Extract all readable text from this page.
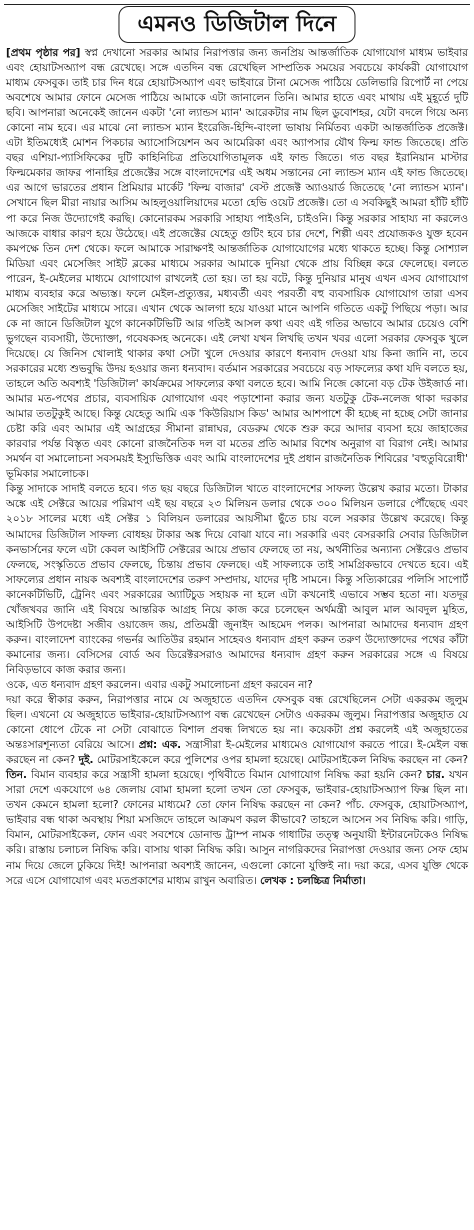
এমনও ডিজিটাল দিনে

[প্রথম পৃষ্ঠার পর] স্বপ্ন দেখানো সরকার আমার নিরাপত্তার জন্য জনপ্রিয় আন্তর্জাতিক যোগাযোগ মাধ্যম ভাইবার এবং হোয়াটসঅ্যাপ বন্ধ রেখেছে। সঙ্গে এতদিন বন্ধ রেখেছিল সাম্প্রতিক সময়ের সবচেয়ে কার্যকরী যোগাযোগ মাধ্যম ফেসবুক। তাই চার দিন ধরে হোয়াটসঅ্যাপ এবং ভাইবারে টানা মেসেজ পাঠিয়ে ডেলিভারি রিপোর্ট না পেয়ে অবশেষে আমার ফোনে মেসেজ পাঠিয়ে আমাকে এটা জানালেন তিনি। আমার হাতে এবং মাথায় এই মুহূর্তে দুটি ছবি। আপনারা অনেকেই জানেন একটা 'নো ল্যান্ডস ম্যান' আরেকটার নাম ছিল ডুবোশহর, যেটা বদলে গিয়ে অন্য কোনো নাম হবে। এর মাঝে নো ল্যান্ডস ম্যান ইংরেজি-হিন্দি-বাংলা ভাষায় নির্মিতব্য একটা আন্তর্জাতিক প্রজেক্ট। এটা ইতিমধ্যেই মোশন পিকচার অ্যাসোসিয়েশন অব আমেরিকা এবং অ্যাপসার যৌথ ফিল্ম ফান্ড জিতেছে। প্রতি বছর এশিয়া-প্যাসিফিকের দুটি কাহিনিচিত্র প্রতিযোগিতামূলক এই ফান্ড জিতে। গত বছর ইরানিয়ান মাস্টার ফিল্মমেকার জাফর পানাহির প্রজেক্টের সঙ্গে বাংলাদেশের এই অধম সন্তানের নো ল্যান্ডস ম্যান এই ফান্ড জিতেছে। এর আগে ভারতের প্রধান প্রিমিয়ার মার্কেট 'ফিল্ম বাজার' বেস্ট প্রজেক্ট অ্যাওয়ার্ড জিতেছে 'নো ল্যান্ডস ম্যান'। সেখানে ছিল মীরা নায়ার আসিম আহলুওয়ালিয়াদের মতো হেভি ওয়েট প্রজেক্ট। তো এ সবকিছুই আমরা হাঁটি হাঁটি পা করে নিজ উদ্যোগেই করছি। কোনোরকম সরকারি সাহায্য পাইওনি, চাইওনি। কিন্তু সরকার সাহায্য না করলেও আজকে বাধার কারণ হয়ে উঠেছে। এই প্রজেক্টের যেহেতু গুটিং হবে চার দেশে, শিল্পী এবং প্রযোজকও যুক্ত হবেন কমপক্ষে তিন দেশ থেকে। ফলে আমাকে সারাক্ষণই আন্তর্জাতিক যোগাযোগের মধ্যে থাকতে হচ্ছে। কিন্তু সোশ্যাল মিডিয়া এবং মেসেজিং সাইট ব্লকের মাধ্যমে সরকার আমাকে দুনিয়া থেকে প্রায় বিচ্ছিন্ন করে ফেলেছে। বলতে পারেন, ই-মেইলের মাধ্যমে যোগাযোগ রাখলেই তো হয়। তা হয় বটে, কিন্তু দুনিয়ার মানুষ এখন এসব যোগাযোগ মাধ্যম ব্যবহার করে অভ্যস্ত। ফলে মেইল-প্রত্যুত্তর, মধ্যবর্তী এবং পরবর্তী বহু ব্যবসায়িক যোগাযোগ তারা এসব মেসেজিং সাইটের মাধ্যমে সারে। এখান থেকে আলগা হয়ে যাওয়া মানে আপনি গতিতে একটু পিছিয়ে পড়া। আর কে না জানে ডিজিটাল যুগে কানেকটিভিটি আর গতিই আসল কথা এবং এই গতির অভাবে আমার চেয়েও বেশি ভুগছেন ব্যবসায়ী, উদ্যোক্তা, গবেষকসহ অনেকে। এই লেখা যখন লিখছি তখন খবর এলো সরকার ফেসবুক খুলে দিয়েছে। যে জিনিস খোলাই থাকার কথা সেটা খুলে দেওয়ার কারণে ধন্যবাদ দেওয়া যায় কিনা জানি না, তবে সরকারের মধ্যে শুভবুদ্ধি উদয় হওয়ার জন্য ধন্যবাদ। বর্তমান সরকারের সবচেয়ে বড় সাফল্যের কথা যদি বলতে হয়, তাহলে অতি অবশ্যই 'ডিজিটাল' কার্যক্রমের সাফল্যের কথা বলতে হবে। আমি নিজে কোনো বড় টেক উইজার্ড না। আমার মত-পথের প্রচার, ব্যবসায়িক যোগাযোগ এবং পড়াশোনা করার জন্য যতটুকু টেক-নলেজ থাকা দরকার আমার ততটুকুই আছে। কিন্তু যেহেতু আমি এক 'কিউরিয়াস কিড' আমার আশপাশে কী হচ্ছে না হচ্ছে সেটা জানার চেষ্টা করি এবং আমার এই আগ্রহের সীমানা রান্নাঘর, বেডরুম থেকে শুরু করে আদার ব্যবসা হয়ে জাহাজের কারবার পর্যন্ত বিস্তৃত এবং কোনো রাজনৈতিক দল বা মতের প্রতি আমার বিশেষ অনুরাগ বা বিরাগ নেই। আমার সমর্থন বা সমালোচনা সবসময়ই ইস্যুভিত্তিক এবং আমি বাংলাদেশের দুই প্রধান রাজনৈতিক শিবিরের 'বহুতুবিরোধী' ভূমিকার সমালোচক।

কিন্তু সাদাকে সাদাই বলতে হবে। গত ছয় বছরে ডিজিটাল খাতে বাংলাদেশের সাফল্য উল্লেখ করার মতো। টাকার অঙ্কে এই সেক্টরে আয়ের পরিমাণ এই ছয় বছরে ২৩ মিলিয়ন ডলার থেকে ৩০০ মিলিয়ন ডলারে পৌঁছেছে এবং ২০১৮ সালের মধ্যে এই সেক্টর ১ বিলিয়ন ডলারের আয়সীমা ছুঁতে চায় বলে সরকার উল্লেখ করেছে। কিন্তু আমাদের ডিজিটাল সাফল্য বোধহয় টাকার অঙ্ক দিয়ে বোঝা যাবে না। সরকারি এবং বেসরকারি সেবার ডিজিটাল কনভার্সনের ফলে এটা কেবল আইসিটি সেক্টরের আয়ে প্রভাব ফেলছে তা নয়, অর্থনীতির অন্যান্য সেক্টরেও প্রভাব ফেলছে, সংস্কৃতিতে প্রভাব ফেলছে, চিন্তায় প্রভাব ফেলছে। এই সাফল্যকে তাই সামগ্রিকভাবে দেখতে হবে। এই সাফল্যের প্রধান নায়ক অবশ্যই বাংলাদেশের তরুণ সম্প্রদায়, যাদের দৃষ্টি সামনে। কিন্তু সত্যিকারের পলিসি সাপোর্ট কানেকটিভিটি, ট্রেনিং এবং সরকারের অ্যাটিচুড সহায়ক না হলে এটা কখনোই এভাবে সম্ভব হতো না। যতদূর খোঁজখবর জানি এই বিষয়ে আন্তরিক আগ্রহ নিয়ে কাজ করে চলেছেন অর্থমন্ত্রী আবুল মাল আবদুল মুহিত, আইসিটি উপদেষ্টা সজীব ওয়াজেদ জয়, প্রতিমন্ত্রী জুনাইদ আহমেদ পলক। আপনারা আমাদের ধন্যবাদ গ্রহণ করুন। বাংলাদেশ ব্যাংকের গভর্নর আতিউর রহমান সাহেবও ধন্যবাদ গ্রহণ করুন তরুণ উদ্যোক্তাদের পথের কাঁটা কমানোর জন্য। বেসিসের বোর্ড অব ডিরেক্টরসরাও আমাদের ধন্যবাদ গ্রহণ করুন সরকারের সঙ্গে এ বিষয়ে নিবিড়ভাবে কাজ করার জন্য।

ওকে, এত ধন্যবাদ গ্রহণ করলেন। এবার একটু সমালোচনা গ্রহণ করবেন না?

দয়া করে স্বীকার করুন, নিরাপত্তার নামে যে অজুহাতে এতদিন ফেসবুক বন্ধ রেখেছিলেন সেটা একরকম জুলুম ছিল। এখনো যে অজুহাতে ভাইবার-হোয়াটসঅ্যাপ বন্ধ রেখেছেন সেটাও একরকম জুলুম। নিরাপত্তার অজুহাত যে কোনো ধোপে টেকে না সেটা বোঝাতে বিশাল প্রবন্ধ লিখতে হয় না। কয়েকটা প্রশ্ন করলেই এই অজুহাতের অন্তঃসারশূন্যতা বেরিয়ে আসে। প্রশ্ন: এক. সন্ত্রাসীরা ই-মেইলের মাধ্যমেও যোগাযোগ করতে পারে। ই-মেইল বন্ধ করছেন না কেন? দুই. মোটরসাইকেলে করে পুলিশের ওপর হামলা হয়েছে। মোটরসাইকেল নিষিদ্ধ করছেন না কেন? তিন. বিমান ব্যবহার করে সন্ত্রাসী হামলা হয়েছে। পৃথিবীতে বিমান যোগাযোগ নিষিদ্ধ করা হয়নি কেন? চার. যখন সারা দেশে একযোগে ৬৪ জেলায় বোমা হামলা হলো তখন তো ফেসবুক, ভাইবার-হোয়াটসঅ্যাপ ফিক্স ছিল না। তখন কেমনে হামলা হলো? ফোনের মাধ্যমে? তো ফোন নিষিদ্ধ করছেন না কেন? পাঁচ. ফেসবুক, হোয়াটসঅ্যাপ, ভাইবার বন্ধ থাকা অবস্থায় শিয়া মসজিদে তাহলে আক্রমণ করল কীভাবে? তাহলে আসেন সব নিষিদ্ধ করি। গাড়ি, বিমান, মোটরসাইকেল, ফোন এবং সবশেষে ডোনাল্ড ট্রাম্প নামক গাধাটির তত্ত্ব অনুযায়ী ইন্টারনেটকেও নিষিদ্ধ করি। রাস্তায় চলাচল নিষিদ্ধ করি। বাসায় থাকা নিষিদ্ধ করি। আসুন নাগরিকদের নিরাপত্তা দেওয়ার জন্য সেফ হোম নাম দিয়ে জেলে ঢুকিয়ে দিই! আপনারা অবশ্যই জানেন, এগুলো কোনো যুক্তিই না। দয়া করে, এসব যুক্তি থেকে সরে এসে যোগাযোগ এবং মতপ্রকাশের মাধ্যম রাখুন অবারিত। লেখক : চলচ্চিত্র নির্মাতা।
